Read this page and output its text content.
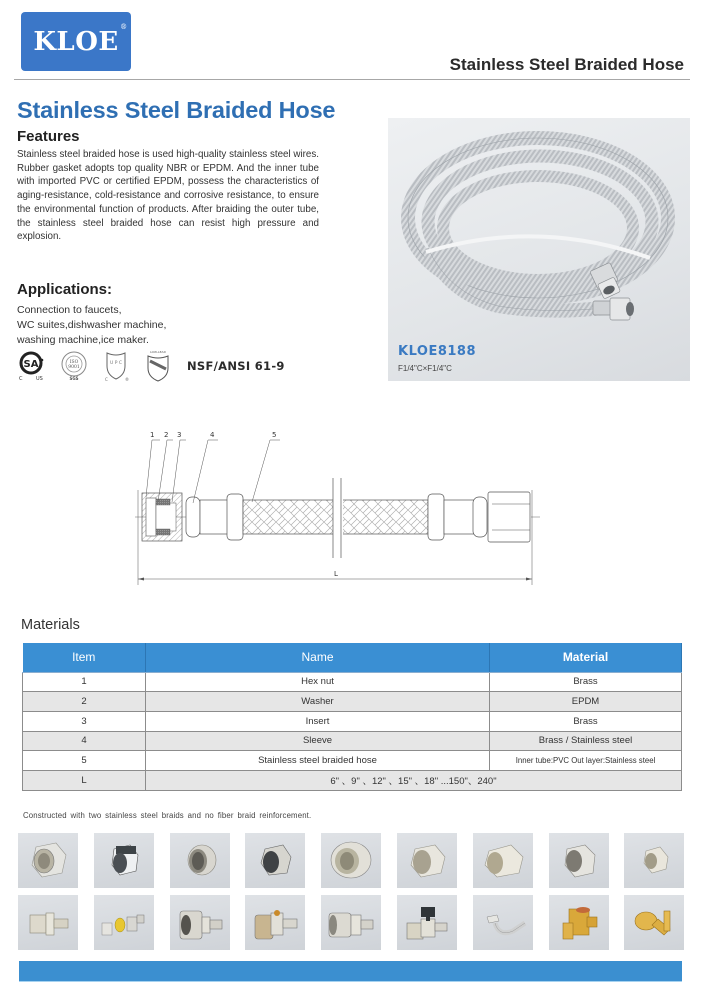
KLOE ®
Stainless Steel Braided Hose
Stainless Steel Braided Hose
Features
Stainless steel braided hose is used high-quality stainless steel wires. Rubber gasket adopts top quality NBR or EPDM. And the inner tube with imported PVC or certified EPDM, possess the characteristics of aging-resistance, cold-resistance and corrosive resistance, to ensure the environmental function of products. After braiding the outer tube, the stainless steel braided hose can resist high pressure and explosion.
Applications:
Connection to faucets,
WC suites,dishwasher machine,
washing machine,ice maker.
SA
C	US
ISO
9001
SGS
U P C
C	®
LOW-LEAD
NSF/ANSI 61-9
KLOE8188
F1/4"C×F1/4"C
1 2 3	4	5
L
Materials
Item	Name	Material
1	Hex nut	Brass
2	Washer	EPDM
3	Insert	Brass
4	Sleeve	Brass / Stainless steel
5	Stainless steel braided hose	Inner tube:PVC Out layer:Stainless steel
L	6" 、9" 、12" 、15" 、18" ...150"、240"	
Constructed with two stainless steel braids and no fiber braid reinforcement.
